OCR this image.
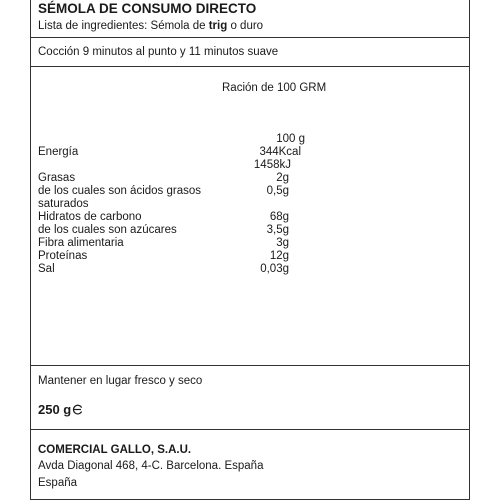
SÉMOLA DE CONSUMO DIRECTO
Lista de ingredientes: Sémola de trig o duro
Cocción 9 minutos al punto y 11 minutos suave
Ración de 100 GRM
100 g
Energía	344Kcal
1458kJ
Grasas	2g
de los cuales son ácidos grasos	0,5g
saturados
Hidratos de carbono	68g
de los cuales son azúcares	3,5g
Fibra alimentaria	3g
Proteínas	12g
Sal	0,03g
Mantener en lugar fresco y seco
250 g
COMERCIAL GALLO, S.A.U.
Avda Diagonal 468, 4-C. Barcelona. España
España
